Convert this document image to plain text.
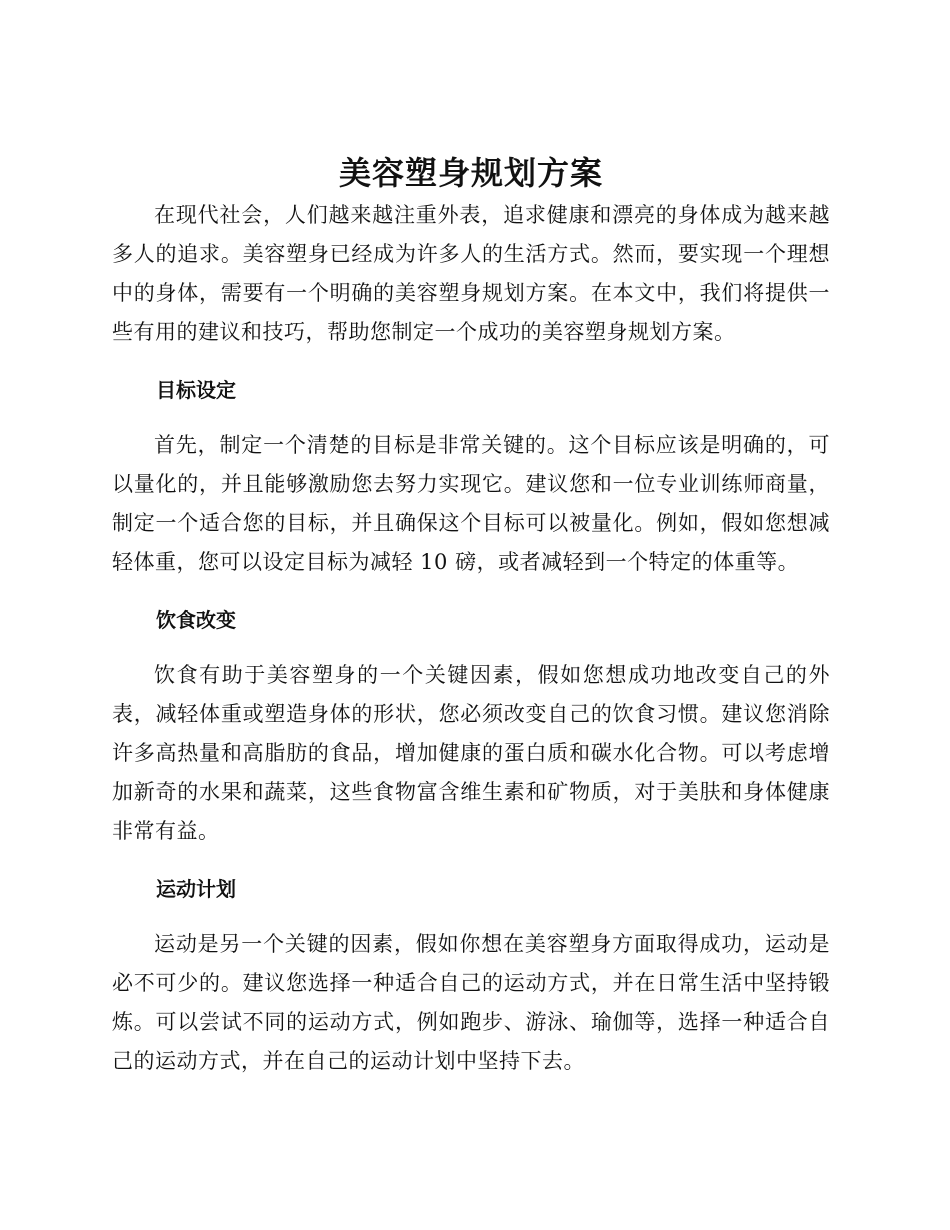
美容塑身规划方案

在现代社会，人们越来越注重外表，追求健康和漂亮的身体成为越来越多人的追求。美容塑身已经成为许多人的生活方式。然而，要实现一个理想中的身体，需要有一个明确的美容塑身规划方案。在本文中，我们将提供一些有用的建议和技巧，帮助您制定一个成功的美容塑身规划方案。

目标设定

首先，制定一个清楚的目标是非常关键的。这个目标应该是明确的，可以量化的，并且能够激励您去努力实现它。建议您和一位专业训练师商量，制定一个适合您的目标，并且确保这个目标可以被量化。例如，假如您想减轻体重，您可以设定目标为减轻 10 磅，或者减轻到一个特定的体重等。

饮食改变

饮食有助于美容塑身的一个关键因素，假如您想成功地改变自己的外表，减轻体重或塑造身体的形状，您必须改变自己的饮食习惯。建议您消除许多高热量和高脂肪的食品，增加健康的蛋白质和碳水化合物。可以考虑增加新奇的水果和蔬菜，这些食物富含维生素和矿物质，对于美肤和身体健康非常有益。

运动计划

运动是另一个关键的因素，假如你想在美容塑身方面取得成功，运动是必不可少的。建议您选择一种适合自己的运动方式，并在日常生活中坚持锻炼。可以尝试不同的运动方式，例如跑步、游泳、瑜伽等，选择一种适合自己的运动方式，并在自己的运动计划中坚持下去。
